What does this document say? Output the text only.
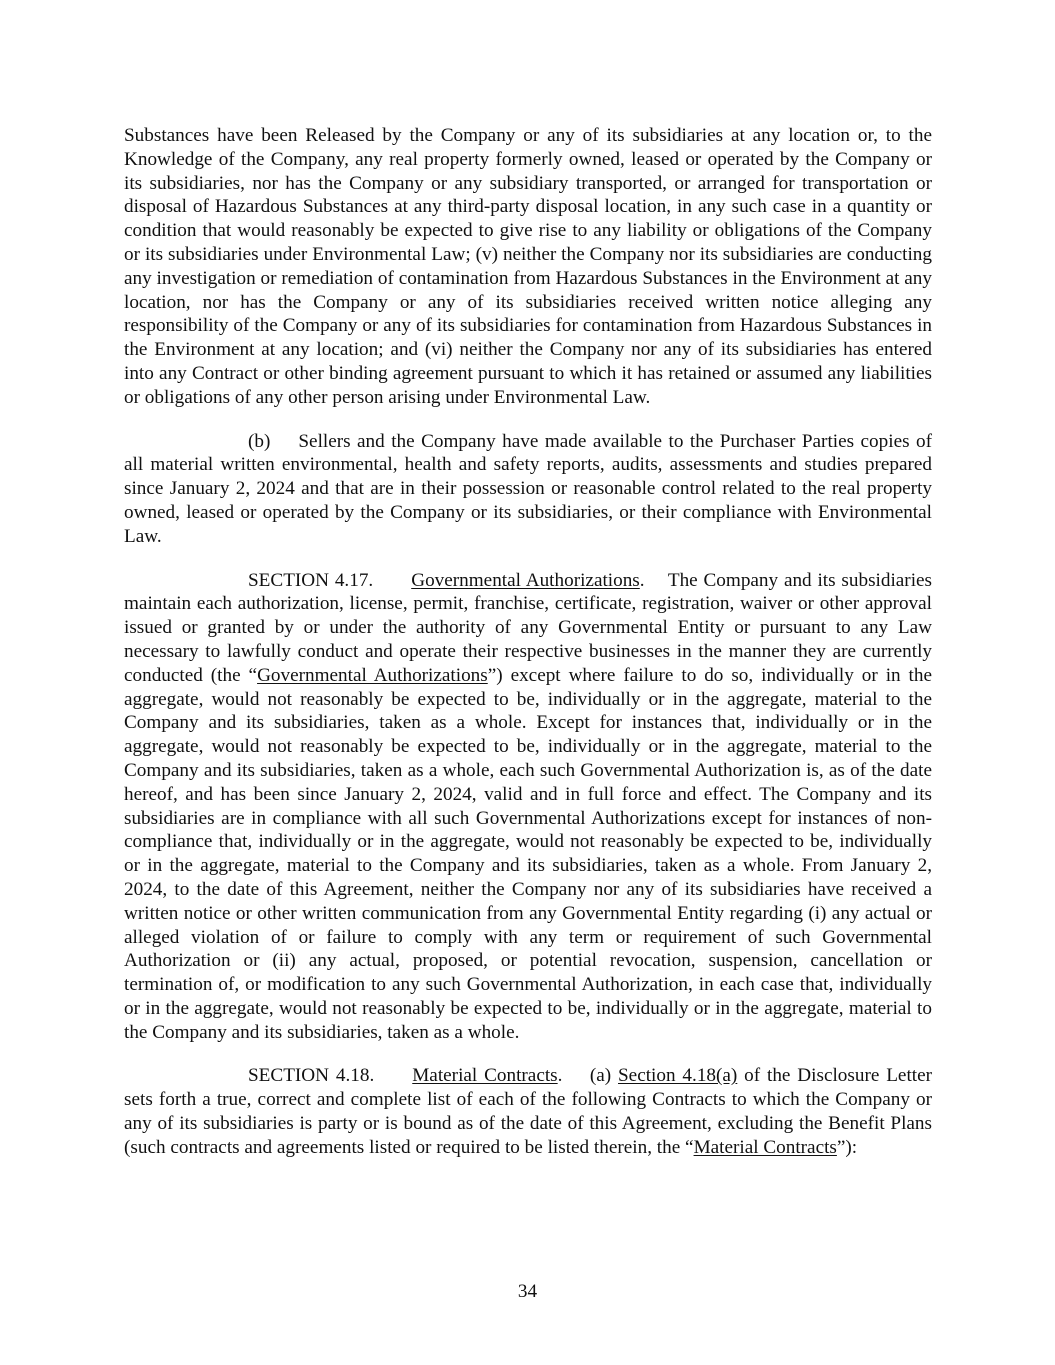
Substances have been Released by the Company or any of its subsidiaries at any location or, to the Knowledge of the Company, any real property formerly owned, leased or operated by the Company or its subsidiaries, nor has the Company or any subsidiary transported, or arranged for transportation or disposal of Hazardous Substances at any third-party disposal location, in any such case in a quantity or condition that would reasonably be expected to give rise to any liability or obligations of the Company or its subsidiaries under Environmental Law; (v) neither the Company nor its subsidiaries are conducting any investigation or remediation of contamination from Hazardous Substances in the Environment at any location, nor has the Company or any of its subsidiaries received written notice alleging any responsibility of the Company or any of its subsidiaries for contamination from Hazardous Substances in the Environment at any location; and (vi) neither the Company nor any of its subsidiaries has entered into any Contract or other binding agreement pursuant to which it has retained or assumed any liabilities or obligations of any other person arising under Environmental Law.

(b) Sellers and the Company have made available to the Purchaser Parties copies of all material written environmental, health and safety reports, audits, assessments and studies prepared since January 2, 2024 and that are in their possession or reasonable control related to the real property owned, leased or operated by the Company or its subsidiaries, or their compliance with Environmental Law.

SECTION 4.17. Governmental Authorizations. The Company and its subsidiaries maintain each authorization, license, permit, franchise, certificate, registration, waiver or other approval issued or granted by or under the authority of any Governmental Entity or pursuant to any Law necessary to lawfully conduct and operate their respective businesses in the manner they are currently conducted (the “Governmental Authorizations”) except where failure to do so, individually or in the aggregate, would not reasonably be expected to be, individually or in the aggregate, material to the Company and its subsidiaries, taken as a whole. Except for instances that, individually or in the aggregate, would not reasonably be expected to be, individually or in the aggregate, material to the Company and its subsidiaries, taken as a whole, each such Governmental Authorization is, as of the date hereof, and has been since January 2, 2024, valid and in full force and effect. The Company and its subsidiaries are in compliance with all such Governmental Authorizations except for instances of non-compliance that, individually or in the aggregate, would not reasonably be expected to be, individually or in the aggregate, material to the Company and its subsidiaries, taken as a whole. From January 2, 2024, to the date of this Agreement, neither the Company nor any of its subsidiaries have received a written notice or other written communication from any Governmental Entity regarding (i) any actual or alleged violation of or failure to comply with any term or requirement of such Governmental Authorization or (ii) any actual, proposed, or potential revocation, suspension, cancellation or termination of, or modification to any such Governmental Authorization, in each case that, individually or in the aggregate, would not reasonably be expected to be, individually or in the aggregate, material to the Company and its subsidiaries, taken as a whole.

SECTION 4.18. Material Contracts. (a) Section 4.18(a) of the Disclosure Letter sets forth a true, correct and complete list of each of the following Contracts to which the Company or any of its subsidiaries is party or is bound as of the date of this Agreement, excluding the Benefit Plans (such contracts and agreements listed or required to be listed therein, the “Material Contracts”):

34
